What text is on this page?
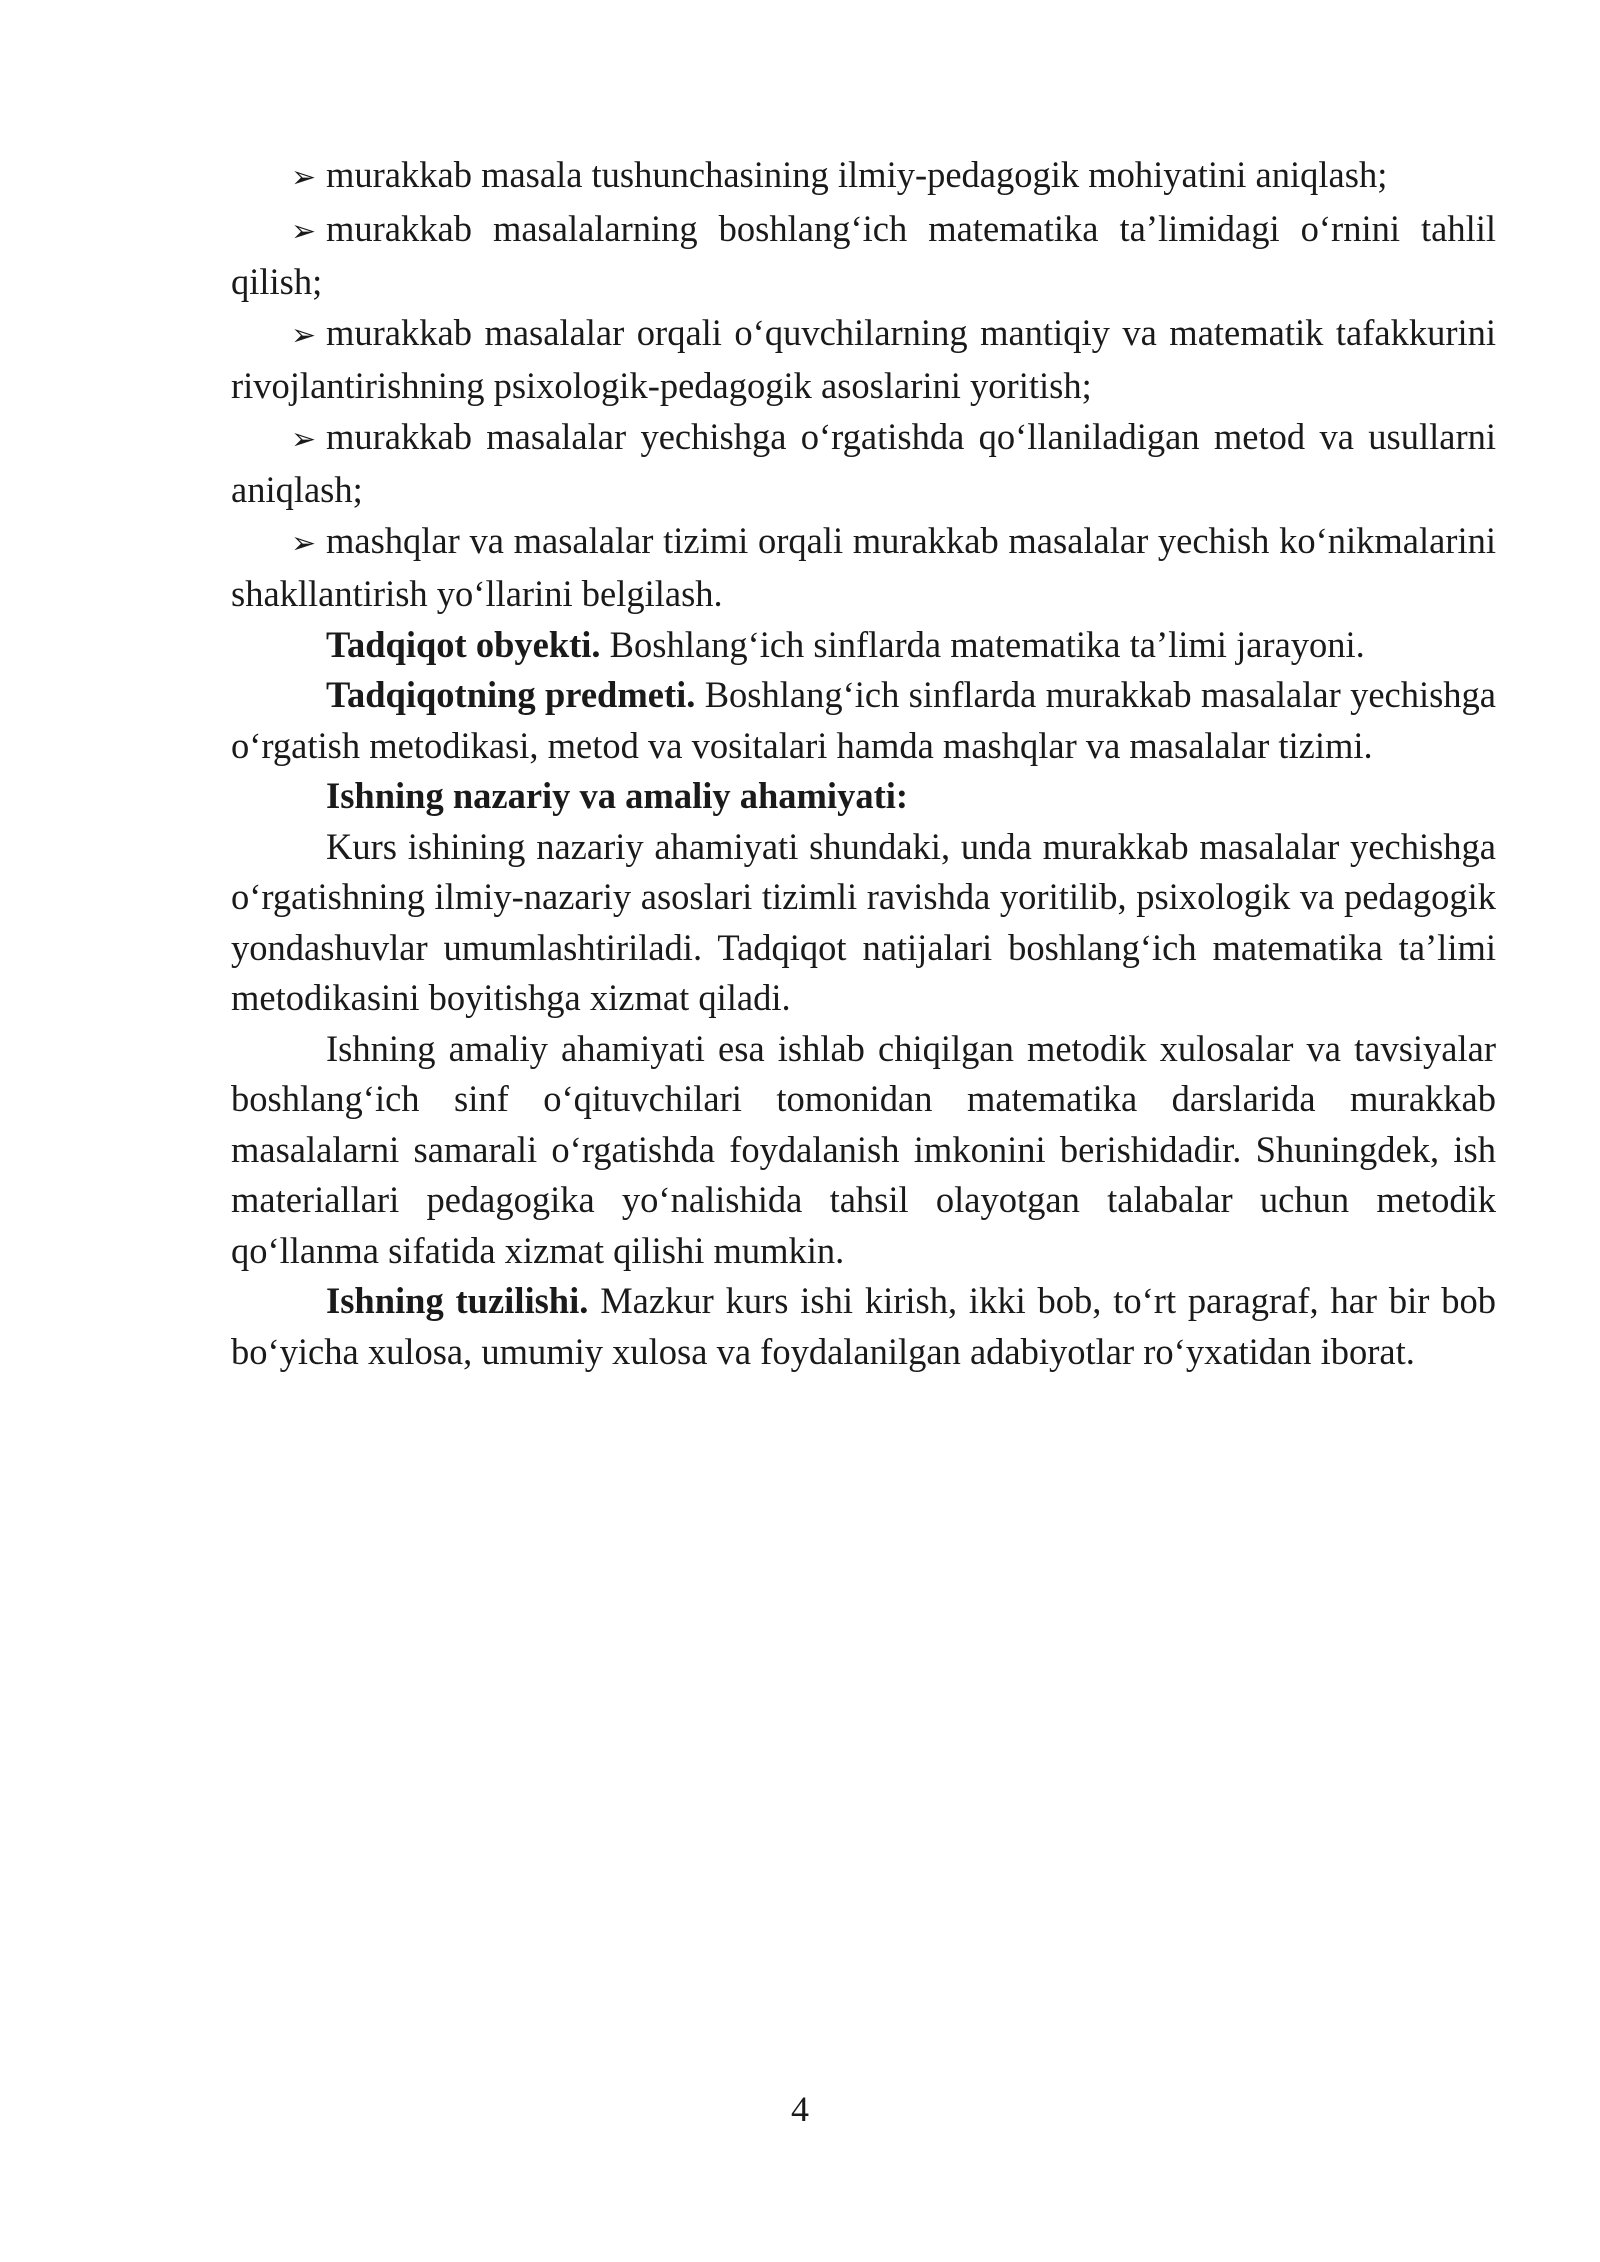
➢ murakkab masala tushunchasining ilmiy-pedagogik mohiyatini aniqlash;

➢ murakkab masalalarning boshlang‘ich matematika ta’limidagi o‘rnini tahlil qilish;

➢ murakkab masalalar orqali o‘quvchilarning mantiqiy va matematik tafakkurini rivojlantirishning psixologik-pedagogik asoslarini yoritish;

➢ murakkab masalalar yechishga o‘rgatishda qo‘llaniladigan metod va usullarni aniqlash;

➢ mashqlar va masalalar tizimi orqali murakkab masalalar yechish ko‘nikmalarini shakllantirish yo‘llarini belgilash.

Tadqiqot obyekti. Boshlang‘ich sinflarda matematika ta’limi jarayoni.

Tadqiqotning predmeti. Boshlang‘ich sinflarda murakkab masalalar yechishga o‘rgatish metodikasi, metod va vositalari hamda mashqlar va masalalar tizimi.

Ishning nazariy va amaliy ahamiyati:

Kurs ishining nazariy ahamiyati shundaki, unda murakkab masalalar yechishga o‘rgatishning ilmiy-nazariy asoslari tizimli ravishda yoritilib, psixologik va pedagogik yondashuvlar umumlashtiriladi. Tadqiqot natijalari boshlang‘ich matematika ta’limi metodikasini boyitishga xizmat qiladi.

Ishning amaliy ahamiyati esa ishlab chiqilgan metodik xulosalar va tavsiyalar boshlang‘ich sinf o‘qituvchilari tomonidan matematika darslarida murakkab masalalarni samarali o‘rgatishda foydalanish imkonini berishidadir. Shuningdek, ish materiallari pedagogika yo‘nalishida tahsil olayotgan talabalar uchun metodik qo‘llanma sifatida xizmat qilishi mumkin.

Ishning tuzilishi. Mazkur kurs ishi kirish, ikki bob, to‘rt paragraf, har bir bob bo‘yicha xulosa, umumiy xulosa va foydalanilgan adabiyotlar ro‘yxatidan iborat.

4
